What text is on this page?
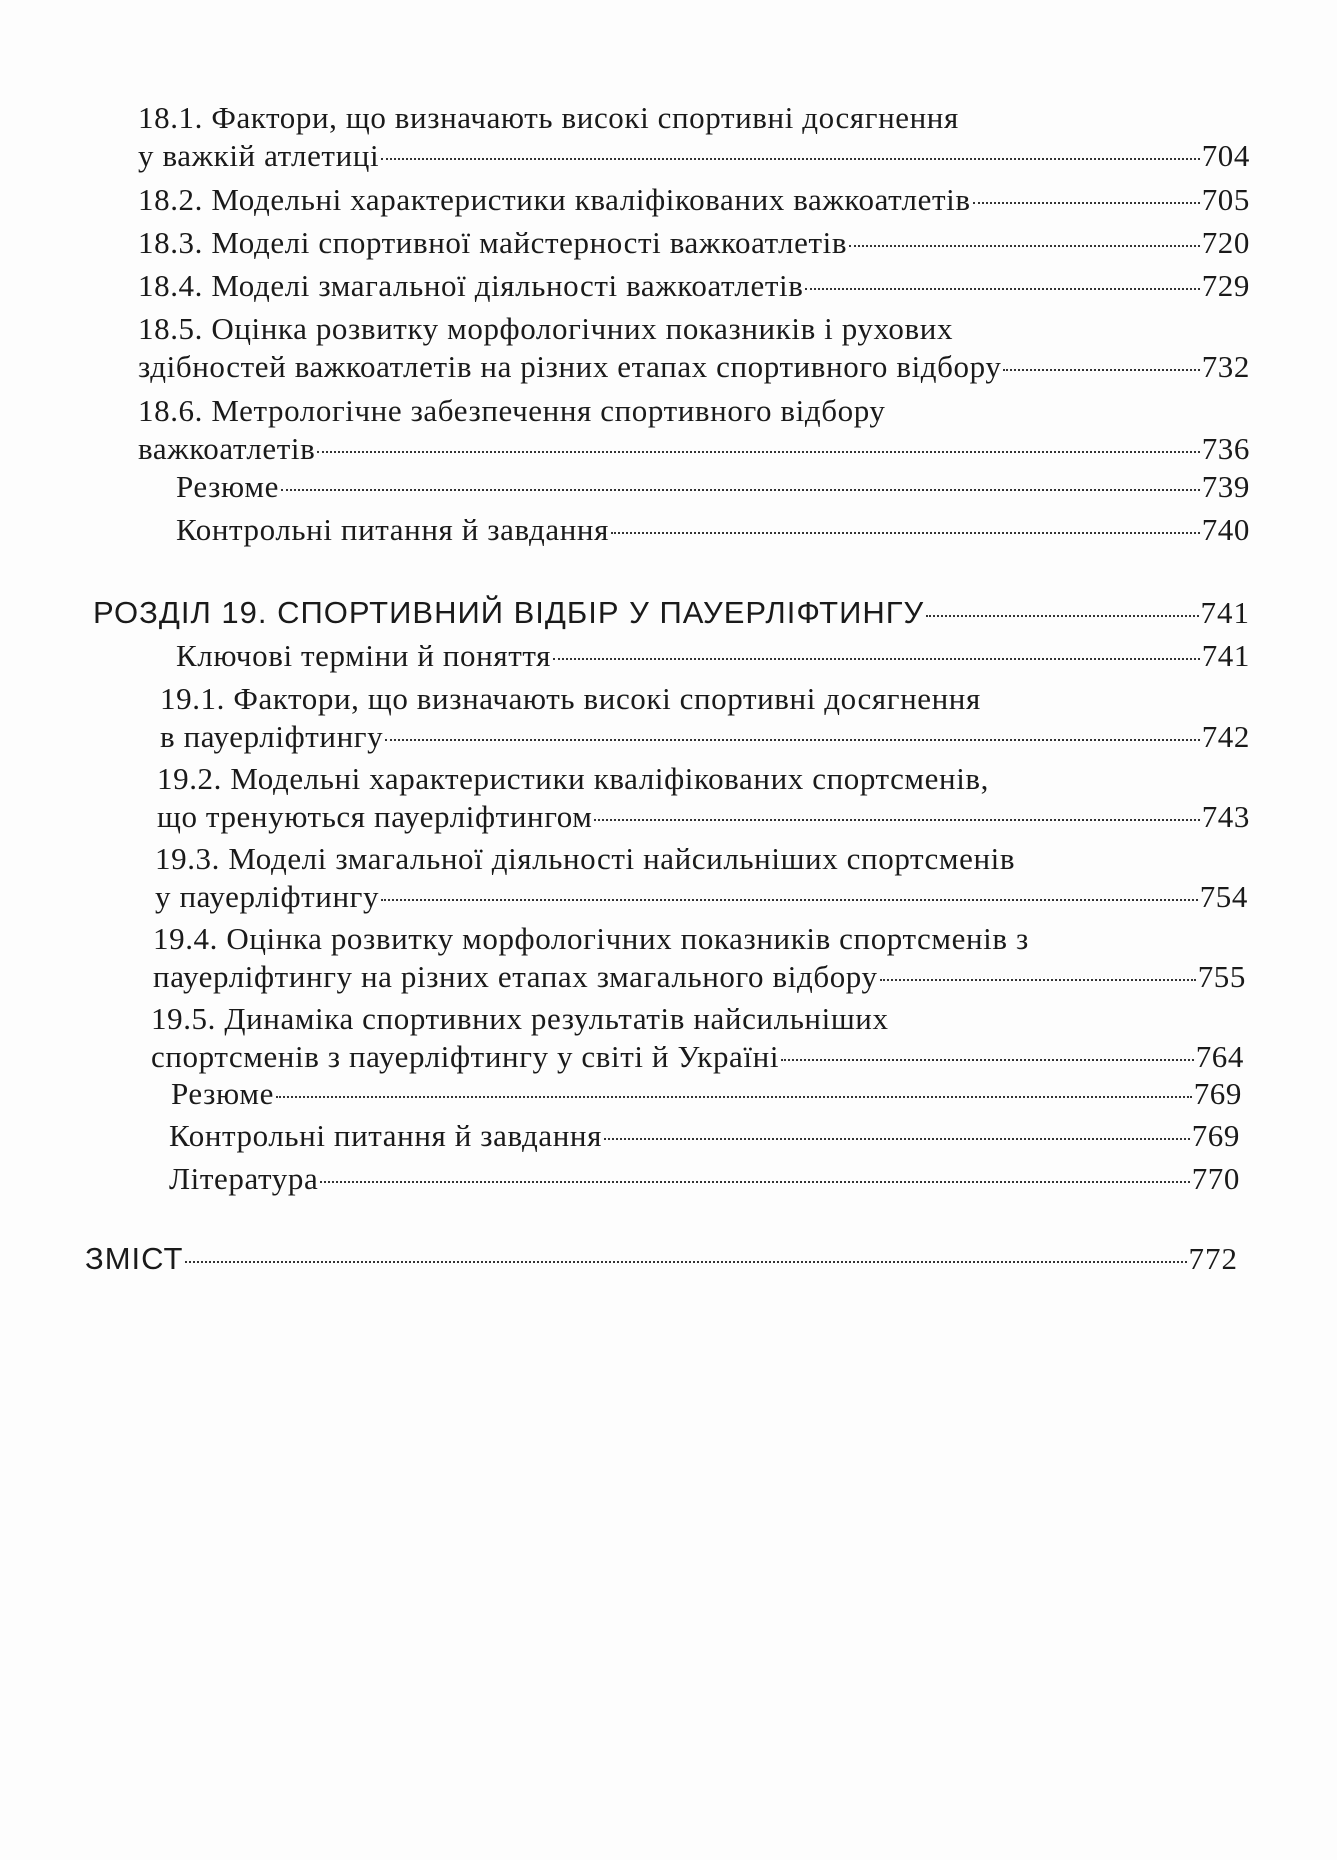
18.1. Фактори, що визначають високі спортивні досягнення
у важкій атлетиці	704
18.2. Модельні характеристики кваліфікованих важкоатлетів	705
18.3. Моделі спортивної майстерності важкоатлетів	720
18.4. Моделі змагальної діяльності важкоатлетів	729
18.5. Оцінка розвитку морфологічних показників і рухових
здібностей важкоатлетів на різних етапах спортивного відбору	732
18.6. Метрологічне забезпечення спортивного відбору
важкоатлетів	736
Резюме	739
Контрольні питання й завдання	740
РОЗДІЛ 19. СПОРТИВНИЙ ВІДБІР У ПАУЕРЛІФТИНГУ	741
Ключові терміни й поняття	741
19.1. Фактори, що визначають високі спортивні досягнення
в пауерліфтингу	742
19.2. Модельні характеристики кваліфікованих спортсменів,
що тренуються пауерліфтингом	743
19.3. Моделі змагальної діяльності найсильніших спортсменів
у пауерліфтингу	754
19.4. Оцінка розвитку морфологічних показників спортсменів з
пауерліфтингу на різних етапах змагального відбору	755
19.5. Динаміка спортивних результатів найсильніших
спортсменів з пауерліфтингу у світі й Україні	764
Резюме	769
Контрольні питання й завдання	769
Література	770
ЗМІСТ	772
